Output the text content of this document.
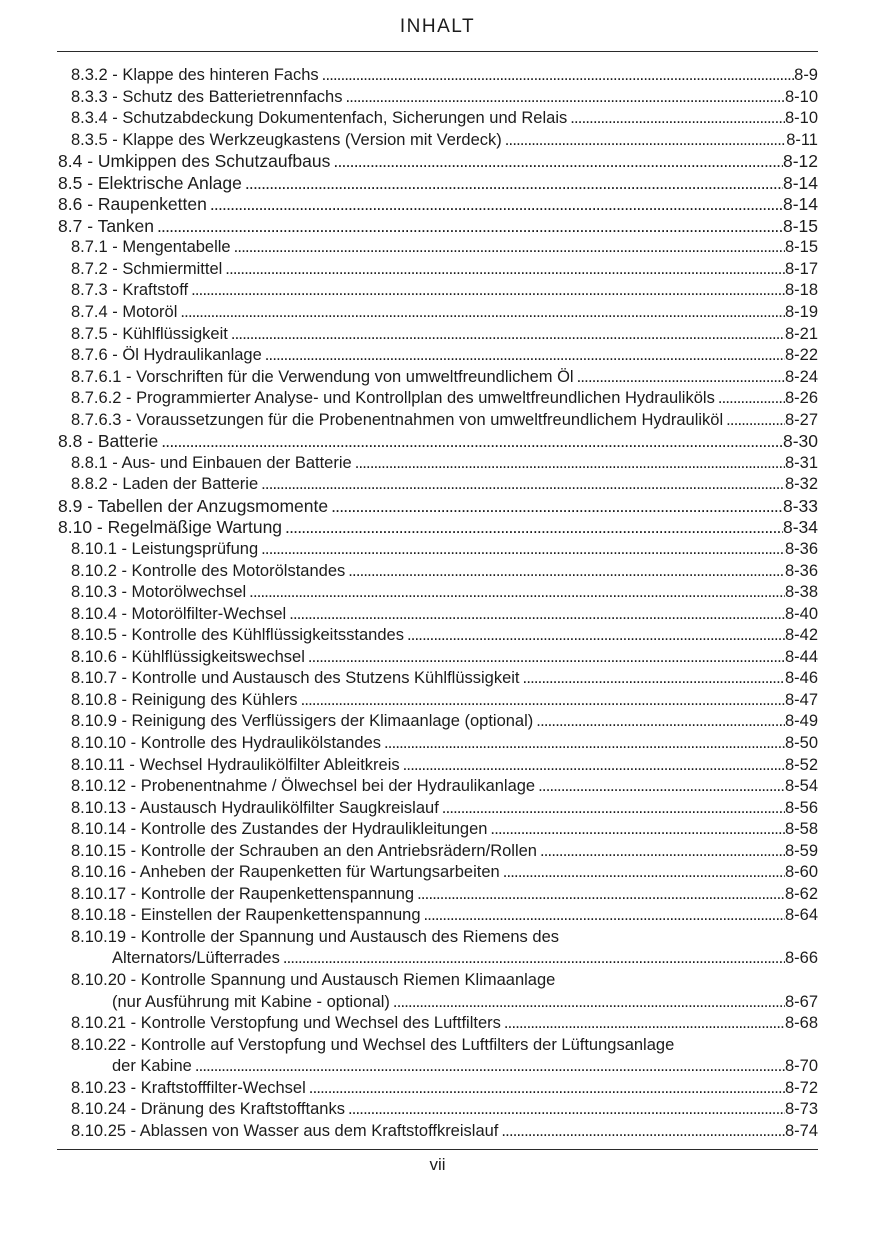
INHALT
8.3.2 - Klappe des hinteren Fachs .....	8-9
8.3.3 - Schutz des Batterietrennfachs .....	8-10
8.3.4 - Schutzabdeckung Dokumentenfach, Sicherungen und Relais .....	8-10
8.3.5 - Klappe des Werkzeugkastens (Version mit Verdeck) .....	8-11
8.4 - Umkippen des Schutzaufbaus .....	8-12
8.5 - Elektrische Anlage .....	8-14
8.6 - Raupenketten .....	8-14
8.7 - Tanken .....	8-15
8.7.1 - Mengentabelle .....	8-15
8.7.2 - Schmiermittel .....	8-17
8.7.3 - Kraftstoff .....	8-18
8.7.4 - Motoröl .....	8-19
8.7.5 - Kühlflüssigkeit .....	8-21
8.7.6 - Öl Hydraulikanlage .....	8-22
8.7.6.1 - Vorschriften für die Verwendung von umweltfreundlichem Öl .....	8-24
8.7.6.2 - Programmierter Analyse- und Kontrollplan des umweltfreundlichen Hydrauliköls .....	8-26
8.7.6.3 - Voraussetzungen für die Probenentnahmen von umweltfreundlichem Hydrauliköl .....	8-27
8.8 - Batterie .....	8-30
8.8.1 - Aus- und Einbauen der Batterie .....	8-31
8.8.2 - Laden der Batterie .....	8-32
8.9 - Tabellen der Anzugsmomente .....	8-33
8.10 - Regelmäßige Wartung .....	8-34
8.10.1 - Leistungsprüfung .....	8-36
8.10.2 - Kontrolle des Motorölstandes .....	8-36
8.10.3 - Motorölwechsel .....	8-38
8.10.4 - Motorölfilter-Wechsel .....	8-40
8.10.5 - Kontrolle des Kühlflüssigkeitsstandes .....	8-42
8.10.6 - Kühlflüssigkeitswechsel .....	8-44
8.10.7 - Kontrolle und Austausch des Stutzens Kühlflüssigkeit .....	8-46
8.10.8 - Reinigung des Kühlers .....	8-47
8.10.9 - Reinigung des Verflüssigers der Klimaanlage (optional) .....	8-49
8.10.10 - Kontrolle des Hydraulikölstandes .....	8-50
8.10.11 - Wechsel Hydraulikölfilter Ableitkreis .....	8-52
8.10.12 - Probenentnahme / Ölwechsel bei der Hydraulikanlage .....	8-54
8.10.13 - Austausch Hydraulikölfilter Saugkreislauf .....	8-56
8.10.14 - Kontrolle des Zustandes der Hydraulikleitungen .....	8-58
8.10.15 - Kontrolle der Schrauben an den Antriebsrädern/Rollen .....	8-59
8.10.16 - Anheben der Raupenketten für Wartungsarbeiten .....	8-60
8.10.17 - Kontrolle der Raupenkettenspannung .....	8-62
8.10.18 - Einstellen der Raupenkettenspannung .....	8-64
8.10.19 - Kontrolle der Spannung und Austausch des Riemens des
Alternators/Lüfterrades .....	8-66
8.10.20 - Kontrolle Spannung und Austausch Riemen Klimaanlage
(nur Ausführung mit Kabine - optional) .....	8-67
8.10.21 - Kontrolle Verstopfung und Wechsel des Luftfilters .....	8-68
8.10.22 - Kontrolle auf Verstopfung und Wechsel des Luftfilters der Lüftungsanlage
der Kabine .....	8-70
8.10.23 - Kraftstofffilter-Wechsel .....	8-72
8.10.24 - Dränung des Kraftstofftanks .....	8-73
8.10.25 - Ablassen von Wasser aus dem Kraftstoffkreislauf .....	8-74
vii
